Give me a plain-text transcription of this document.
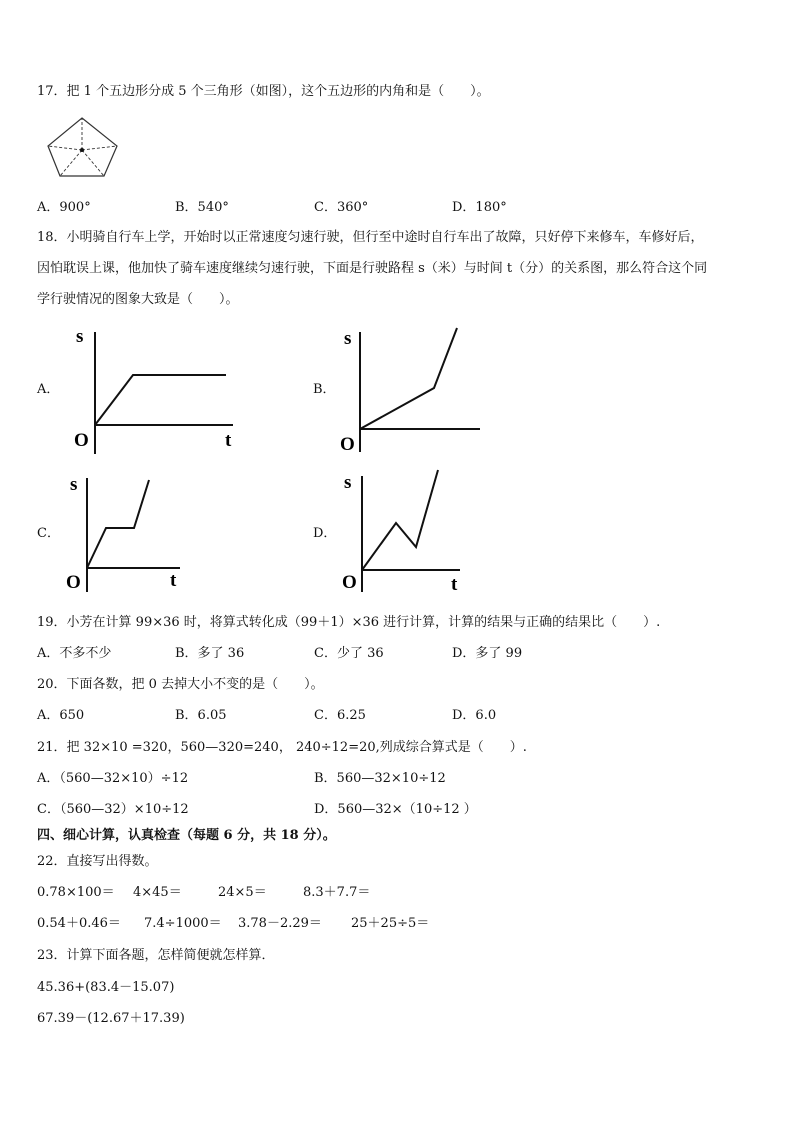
17．把 1 个五边形分成 5 个三角形（如图），这个五边形的内角和是（　　）。
A．900°	B．540°	C．360°	D．180°
18．小明骑自行车上学，开始时以正常速度匀速行驶，但行至中途时自行车出了故障，只好停下来修车，车修好后，
因怕耽误上课，他加快了骑车速度继续匀速行驶，下面是行驶路程 s（米）与时间 t（分）的关系图，那么符合这个同
学行驶情况的图象大致是（　　）。
A．
s
O	t
B．
s
O
C．
s
O	t
D．
s
O	t
19．小芳在计算 99×36 时，将算式转化成（99＋1）×36 进行计算，计算的结果与正确的结果比（　　）.
A．不多不少	B．多了 36	C．少了 36	D．多了 99
20．下面各数，把 0 去掉大小不变的是（　　）。
A．650	B．6.05	C．6.25	D．6.0
21．把 32×10 =320，560—320=240， 240÷12=20,列成综合算式是（　　）.
A．（560—32×10）÷12	B．560—32×10÷12
C．（560—32）×10÷12	D．560—32×（10÷12 ）
四、细心计算，认真检查（每题 6 分，共 18 分）。
22．直接写出得数。
0.78×100＝ 4×45＝	24×5＝	8.3＋7.7＝
0.54＋0.46＝ 7.4÷1000＝ 3.78－2.29＝ 25＋25÷5＝
23．计算下面各题，怎样简便就怎样算．
45.36+(83.4－15.07)
67.39－(12.67＋17.39)
